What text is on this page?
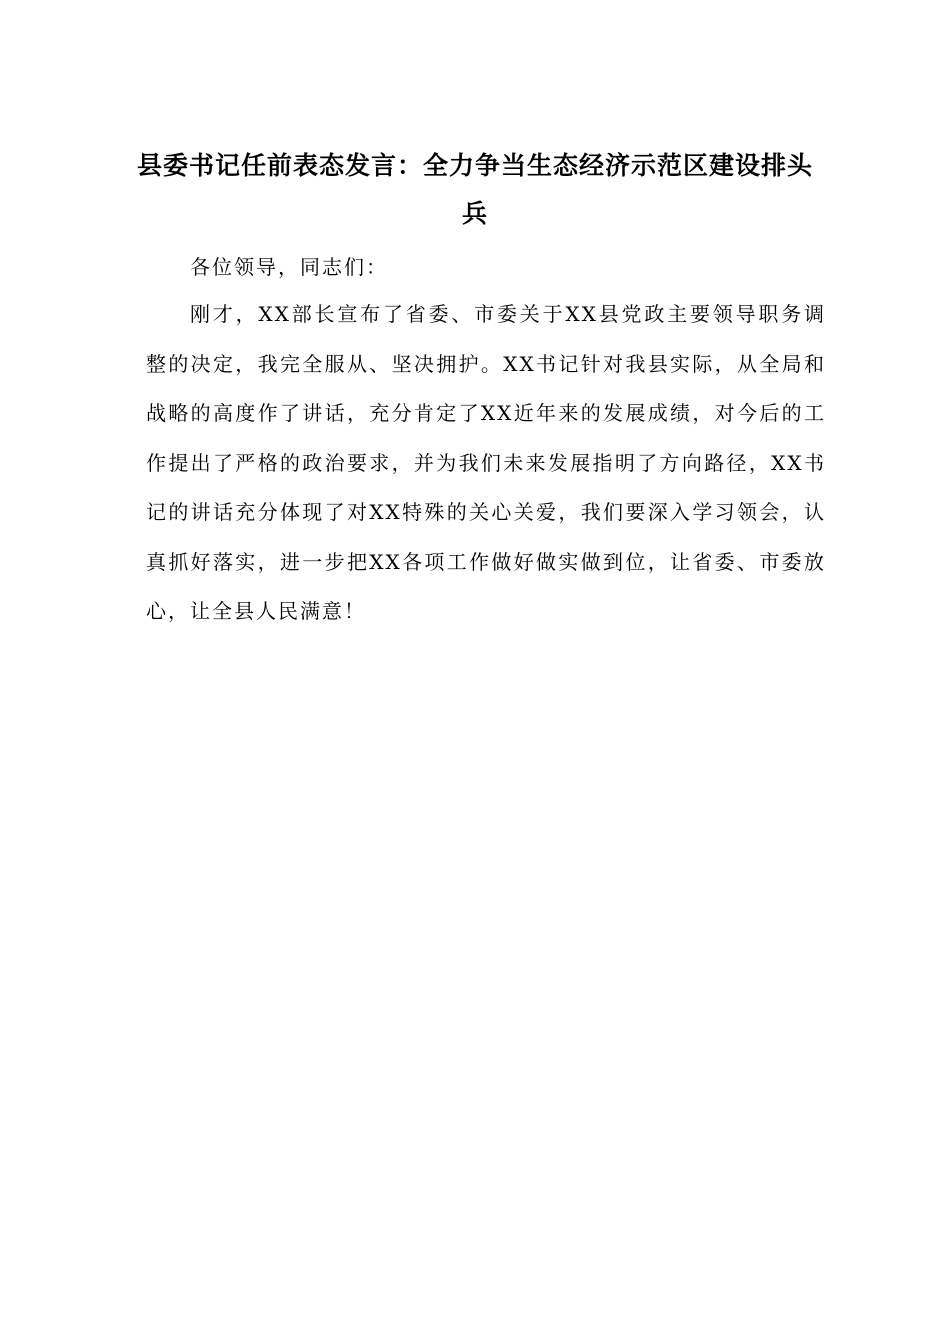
县委书记任前表态发言：全力争当生态经济示范区建设排头兵

各位领导，同志们：

刚才，XX部长宣布了省委、市委关于XX县党政主要领导职务调整的决定，我完全服从、坚决拥护。XX书记针对我县实际，从全局和战略的高度作了讲话，充分肯定了XX近年来的发展成绩，对今后的工作提出了严格的政治要求，并为我们未来发展指明了方向路径，XX书记的讲话充分体现了对XX特殊的关心关爱，我们要深入学习领会，认真抓好落实，进一步把XX各项工作做好做实做到位，让省委、市委放心，让全县人民满意！
